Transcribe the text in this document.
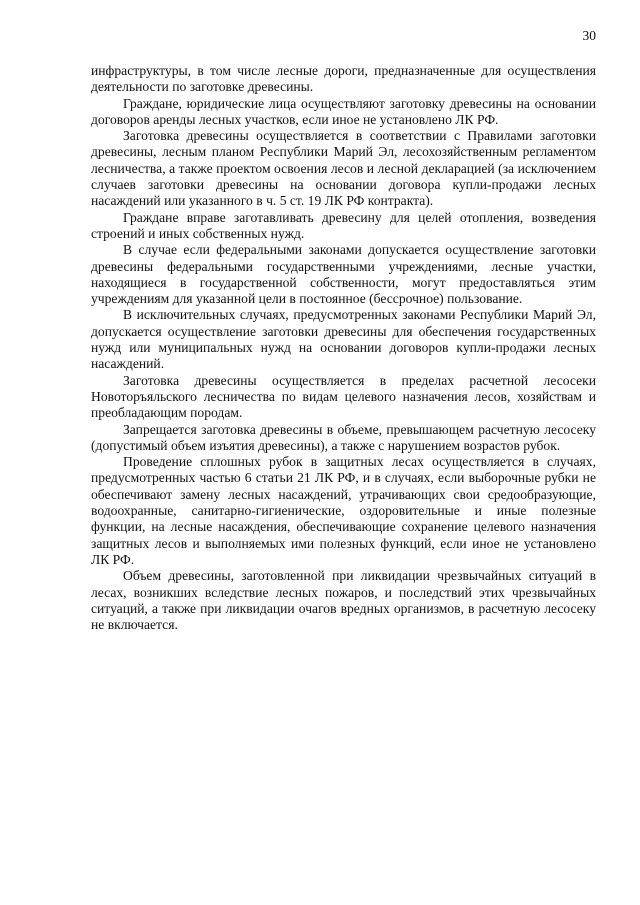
30

инфраструктуры, в том числе лесные дороги, предназначенные для осуществления деятельности по заготовке древесины.

Граждане, юридические лица осуществляют заготовку древесины на основании договоров аренды лесных участков, если иное не установлено ЛК РФ.

Заготовка древесины осуществляется в соответствии с Правилами заготовки древесины, лесным планом Республики Марий Эл, лесохозяйственным регламентом лесничества, а также проектом освоения лесов и лесной декларацией (за исключением случаев заготовки древесины на основании договора купли-продажи лесных насаждений или указанного в ч. 5 ст. 19 ЛК РФ контракта).

Граждане вправе заготавливать древесину для целей отопления, возведения строений и иных собственных нужд.

В случае если федеральными законами допускается осуществление заготовки древесины федеральными государственными учреждениями, лесные участки, находящиеся в государственной собственности, могут предоставляться этим учреждениям для указанной цели в постоянное (бессрочное) пользование.

В исключительных случаях, предусмотренных законами Республики Марий Эл, допускается осуществление заготовки древесины для обеспечения государственных нужд или муниципальных нужд на основании договоров купли-продажи лесных насаждений.

Заготовка древесины осуществляется в пределах расчетной лесосеки Новоторъяльского лесничества по видам целевого назначения лесов, хозяйствам и преобладающим породам.

Запрещается заготовка древесины в объеме, превышающем расчетную лесосеку (допустимый объем изъятия древесины), а также с нарушением возрастов рубок.

Проведение сплошных рубок в защитных лесах осуществляется в случаях, предусмотренных частью 6 статьи 21 ЛК РФ, и в случаях, если выборочные рубки не обеспечивают замену лесных насаждений, утрачивающих свои средообразующие, водоохранные, санитарно-гигиенические, оздоровительные и иные полезные функции, на лесные насаждения, обеспечивающие сохранение целевого назначения защитных лесов и выполняемых ими полезных функций, если иное не установлено ЛК РФ.

Объем древесины, заготовленной при ликвидации чрезвычайных ситуаций в лесах, возникших вследствие лесных пожаров, и последствий этих чрезвычайных ситуаций, а также при ликвидации очагов вредных организмов, в расчетную лесосеку не включается.
